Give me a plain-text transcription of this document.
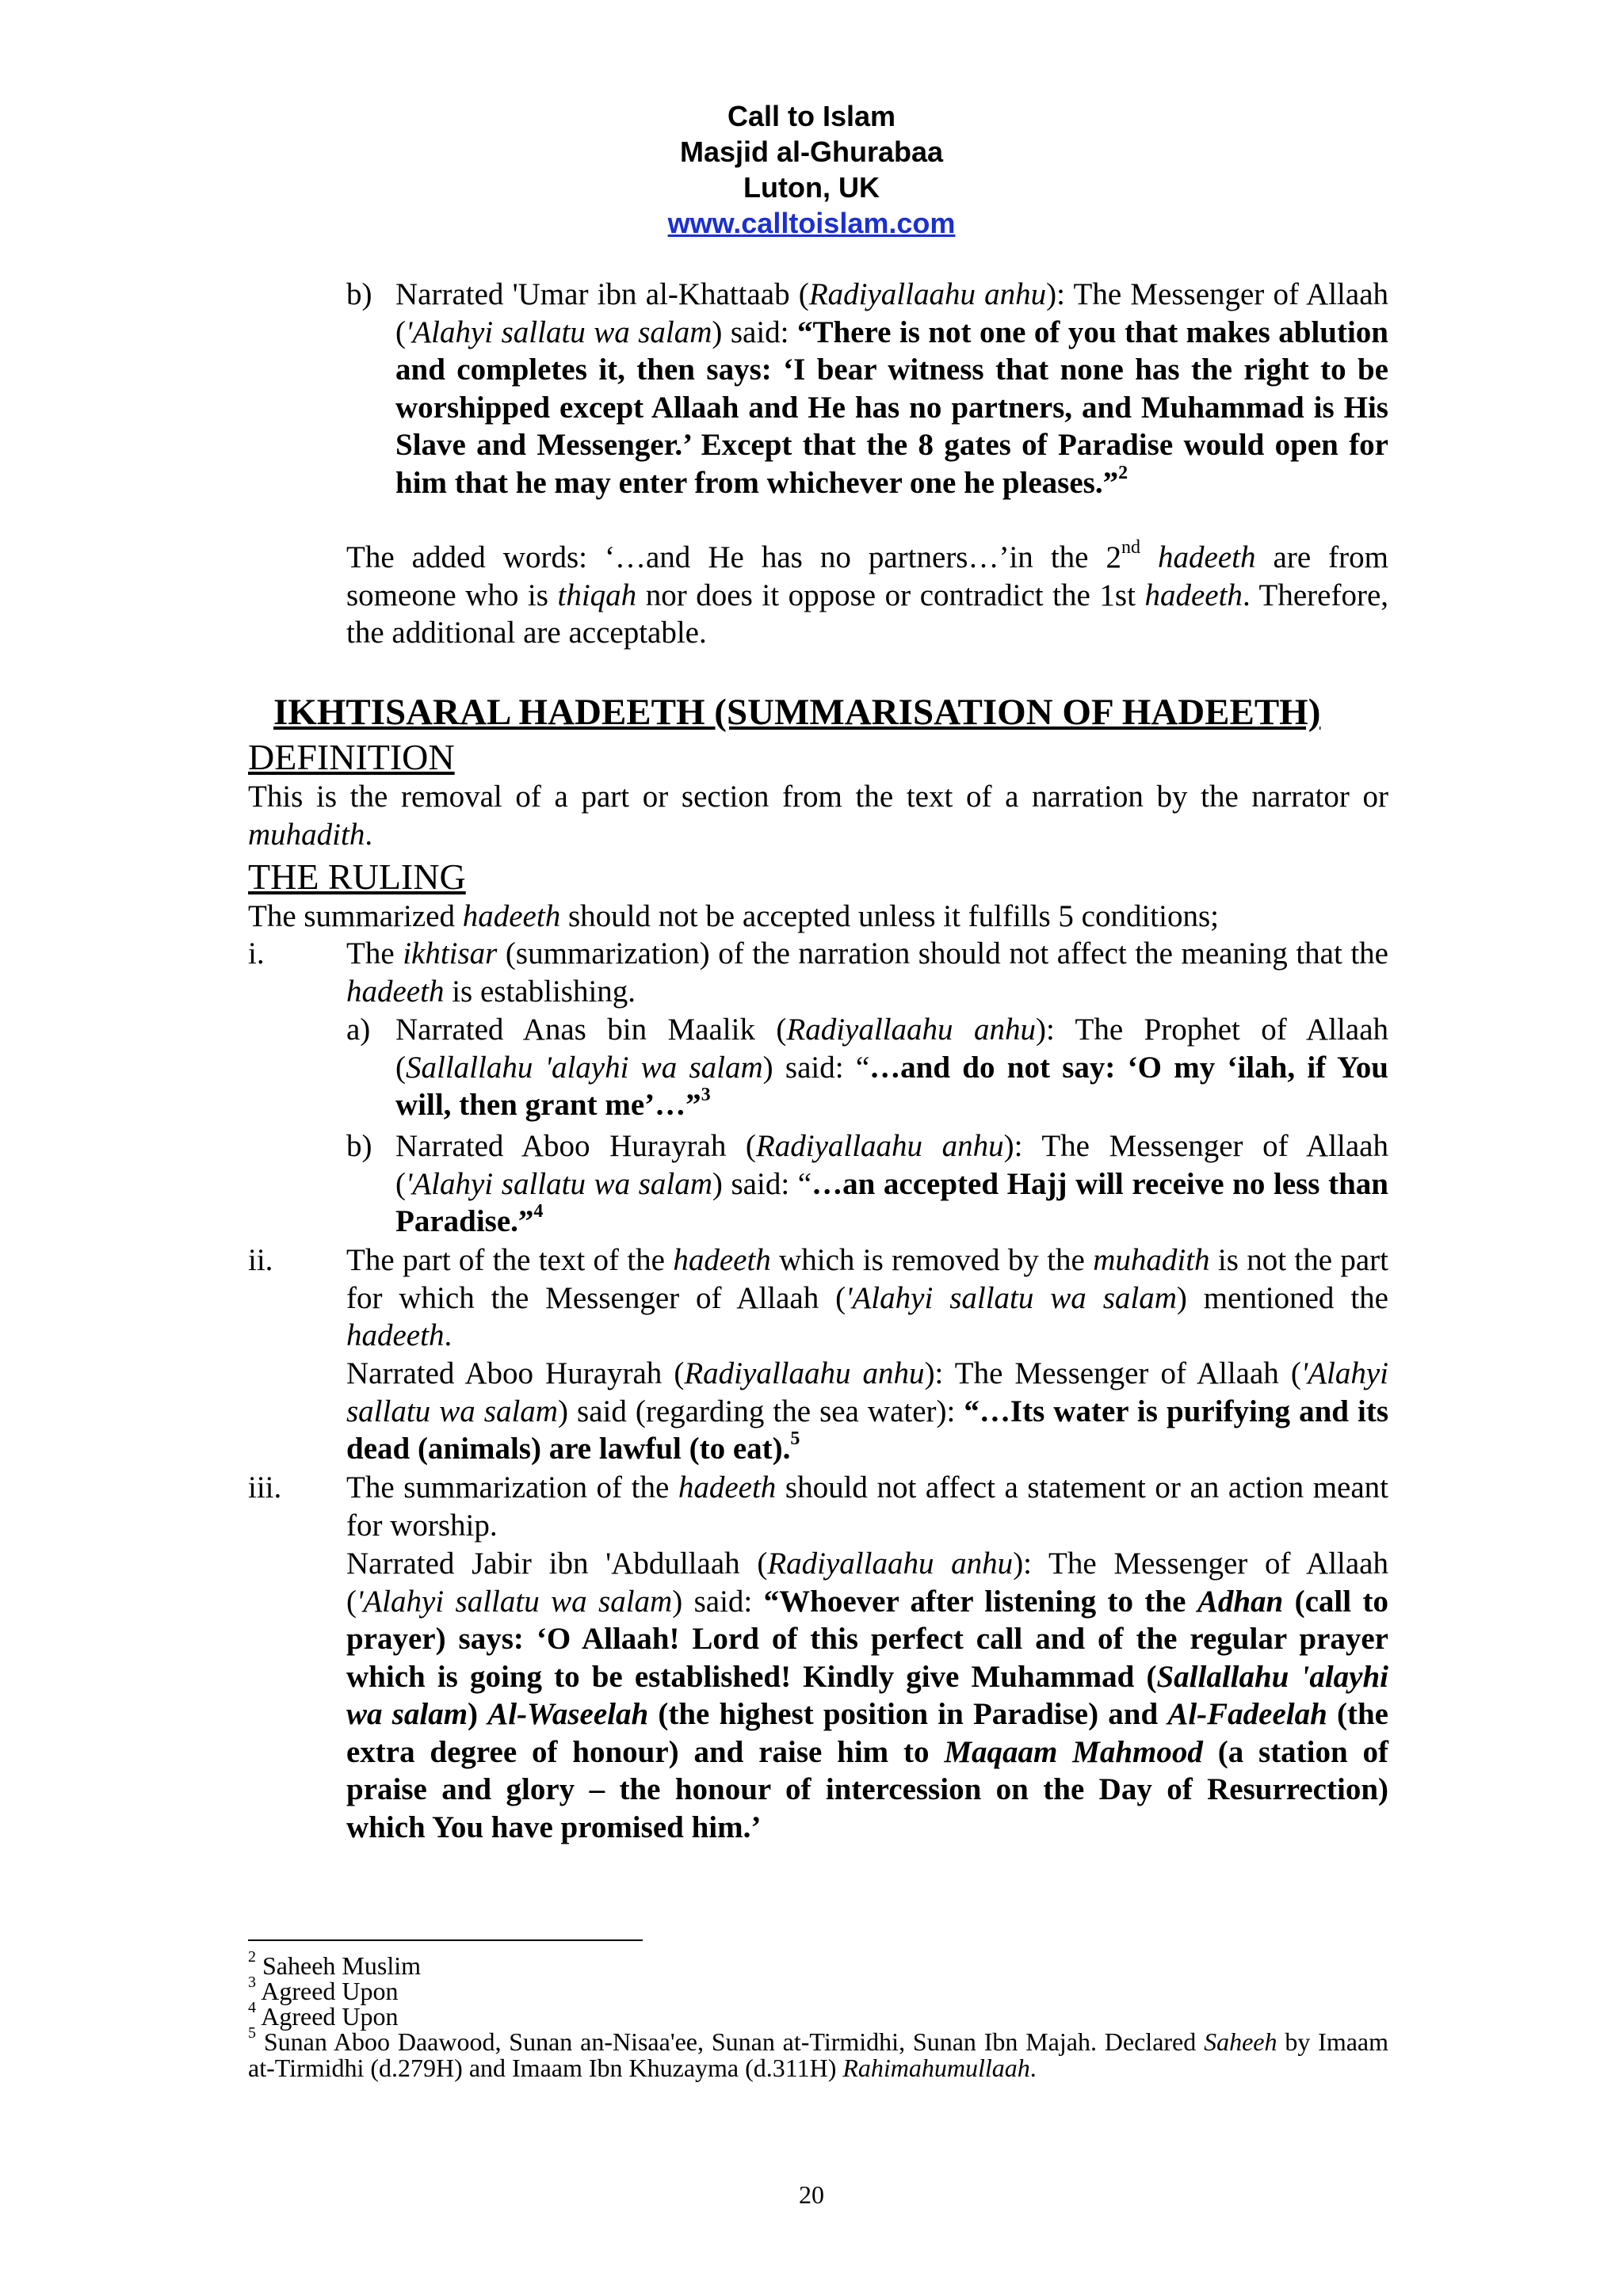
Call to Islam
Masjid al-Ghurabaa
Luton, UK
www.calltoislam.com
b) Narrated 'Umar ibn al-Khattaab (Radiyallaahu anhu): The Messenger of Allaah ('Alahyi sallatu wa salam) said: “There is not one of you that makes ablution and completes it, then says: ‘I bear witness that none has the right to be worshipped except Allaah and He has no partners, and Muhammad is His Slave and Messenger.’ Except that the 8 gates of Paradise would open for him that he may enter from whichever one he pleases.”$^2$
The added words: ‘…and He has no partners…’in the 2nd hadeeth are from someone who is thiqah nor does it oppose or contradict the 1st hadeeth. Therefore, the additional are acceptable.
IKHTISARAL HADEETH (SUMMARISATION OF HADEETH)
DEFINITION
This is the removal of a part or section from the text of a narration by the narrator or muhadith.
THE RULING
The summarized hadeeth should not be accepted unless it fulfills 5 conditions;
i.	The ikhtisar (summarization) of the narration should not affect the meaning that the hadeeth is establishing.
a) Narrated Anas bin Maalik (Radiyallaahu anhu): The Prophet of Allaah (Sallallahu 'alayhi wa salam) said: “…and do not say: ‘O my ‘ilah, if You will, then grant me’…”$^3$
b) Narrated Aboo Hurayrah (Radiyallaahu anhu): The Messenger of Allaah ('Alahyi sallatu wa salam) said: “…an accepted Hajj will receive no less than Paradise.”$^4$
ii. The part of the text of the hadeeth which is removed by the muhadith is not the part for which the Messenger of Allaah ('Alahyi sallatu wa salam) mentioned the hadeeth.
Narrated Aboo Hurayrah (Radiyallaahu anhu): The Messenger of Allaah ('Alahyi sallatu wa salam) said (regarding the sea water): “…Its water is purifying and its dead (animals) are lawful (to eat).$^5$
iii. The summarization of the hadeeth should not affect a statement or an action meant for worship.
Narrated Jabir ibn 'Abdullaah (Radiyallaahu anhu): The Messenger of Allaah ('Alahyi sallatu wa salam) said: “Whoever after listening to the Adhan (call to prayer) says: ‘O Allaah! Lord of this perfect call and of the regular prayer which is going to be established! Kindly give Muhammad (Sallallahu 'alayhi wa salam) Al-Waseelah (the highest position in Paradise) and Al-Fadeelah (the extra degree of honour) and raise him to Maqaam Mahmood (a station of praise and glory – the honour of intercession on the Day of Resurrection) which You have promised him.’
$^2$ Saheeh Muslim
$^3$ Agreed Upon
$^4$ Agreed Upon
$^5$ Sunan Aboo Daawood, Sunan an-Nisaa'ee, Sunan at-Tirmidhi, Sunan Ibn Majah. Declared Saheeh by Imaam at-Tirmidhi (d.279H) and Imaam Ibn Khuzayma (d.311H) Rahimahumullaah.
20
